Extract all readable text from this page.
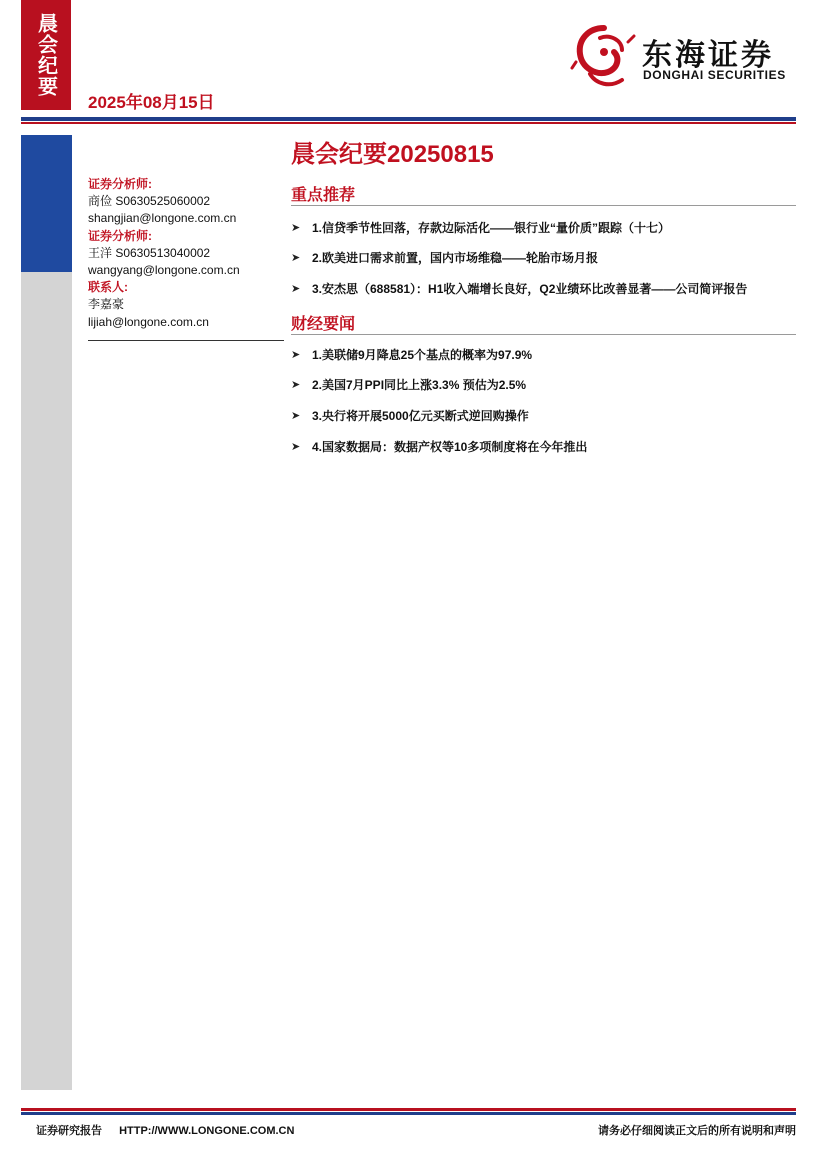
晨会纪要
2025年08月15日
东海证券
DONGHAI SECURITIES
证券分析师:
商俭 S0630525060002
shangjian@longone.com.cn
证券分析师:
王洋 S0630513040002
wangyang@longone.com.cn
联系人:
李嘉豪
lijiah@longone.com.cn
晨会纪要20250815
重点推荐
➤ 1.信贷季节性回落，存款边际活化——银行业“量价质”跟踪（十七）
➤ 2.欧美进口需求前置，国内市场维稳——轮胎市场月报
➤ 3.安杰思（688581）：H1收入端增长良好，Q2业绩环比改善显著——公司简评报告
财经要闻
➤ 1.美联储9月降息25个基点的概率为97.9%
➤ 2.美国7月PPI同比上涨3.3% 预估为2.5%
➤ 3.央行将开展5000亿元买断式逆回购操作
➤ 4.国家数据局：数据产权等10多项制度将在今年推出
证券研究报告 HTTP://WWW.LONGONE.COM.CN	请务必仔细阅读正文后的所有说明和声明
